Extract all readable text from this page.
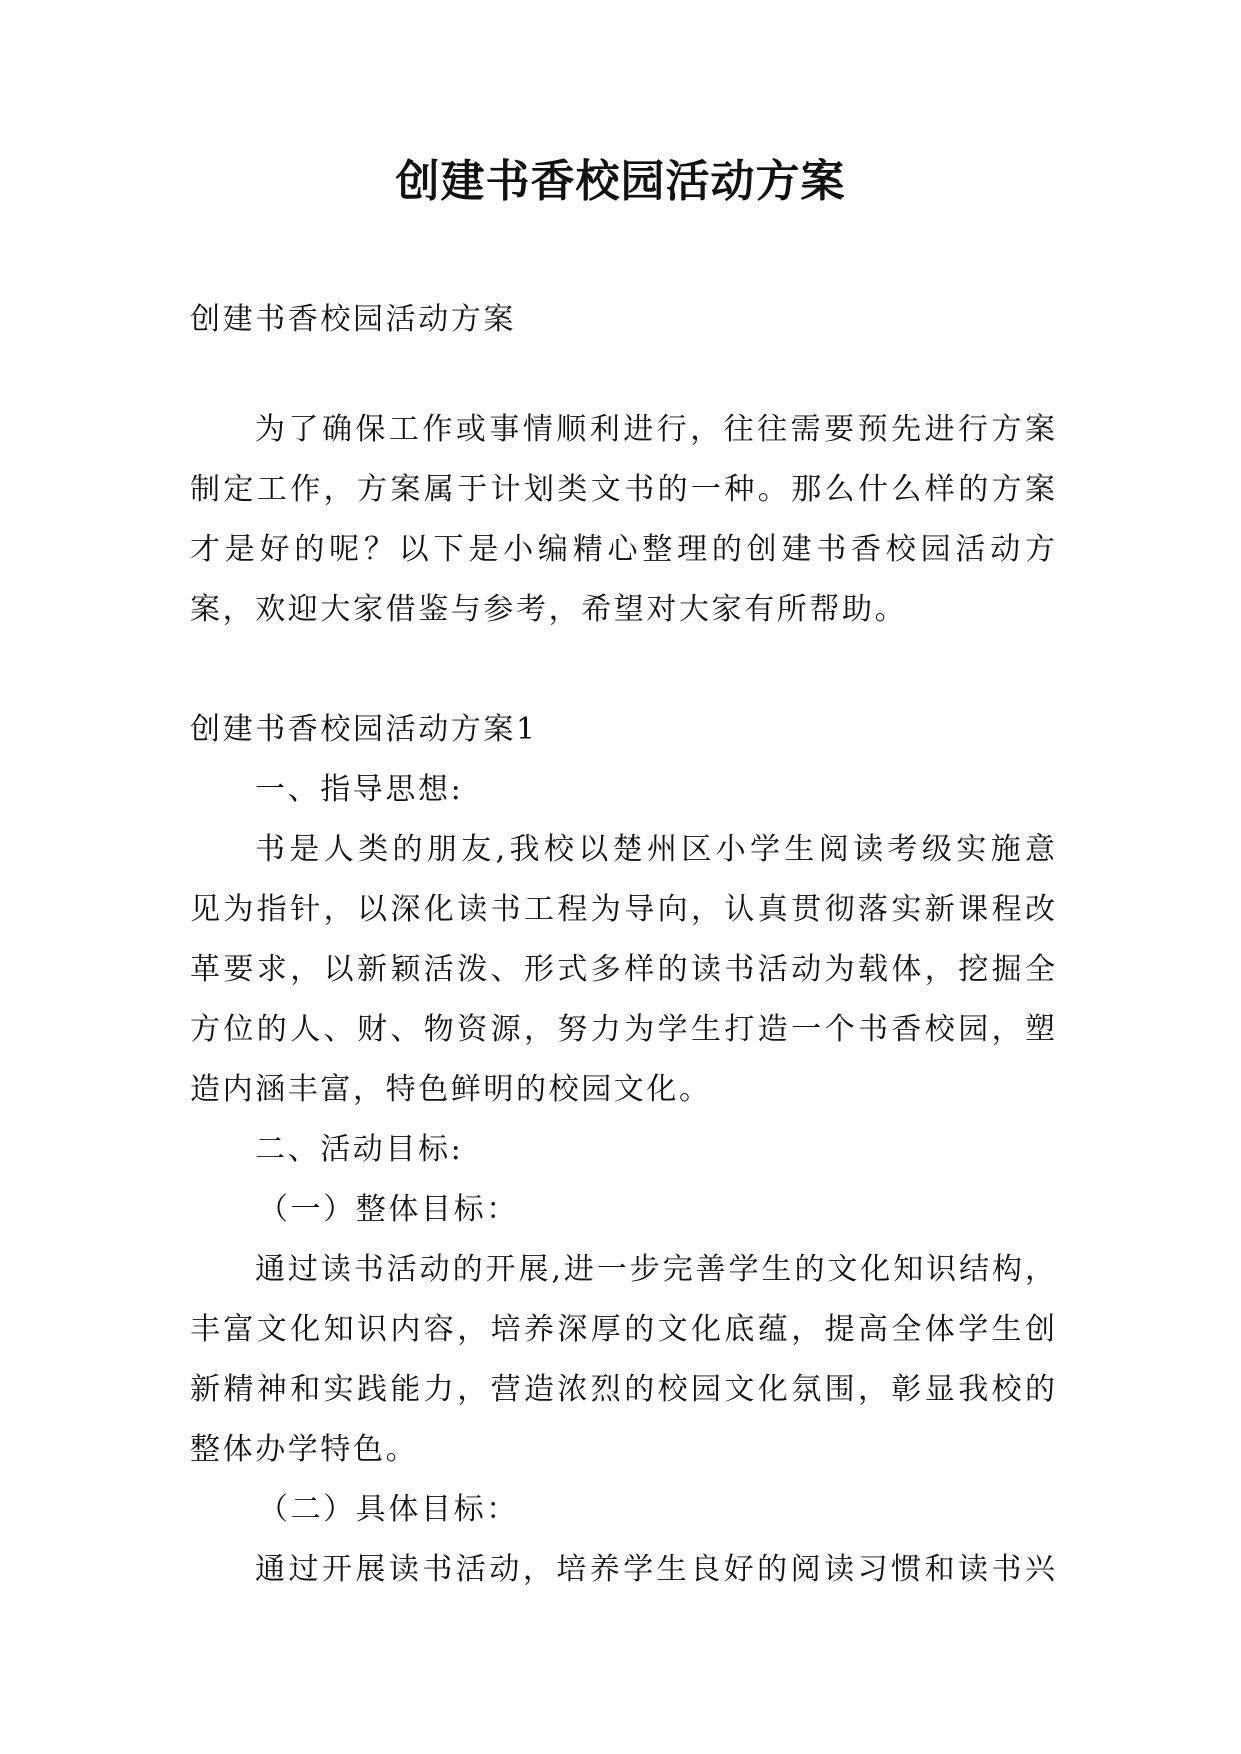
创建书香校园活动方案
创建书香校园活动方案
为了确保工作或事情顺利进行，往往需要预先进行方案
制定工作，方案属于计划类文书的一种。那么什么样的方案
才是好的呢？以下是小编精心整理的创建书香校园活动方
案，欢迎大家借鉴与参考，希望对大家有所帮助。
创建书香校园活动方案1
一、指导思想:
书是人类的朋友,我校以楚州区小学生阅读考级实施意
见为指针，以深化读书工程为导向，认真贯彻落实新课程改
革要求，以新颖活泼、形式多样的读书活动为载体，挖掘全
方位的人、财、物资源，努力为学生打造一个书香校园，塑
造内涵丰富，特色鲜明的校园文化。
二、活动目标:
（一）整体目标：
通过读书活动的开展,进一步完善学生的文化知识结构，
丰富文化知识内容，培养深厚的文化底蕴，提高全体学生创
新精神和实践能力，营造浓烈的校园文化氛围，彰显我校的
整体办学特色。
（二）具体目标：
通过开展读书活动，培养学生良好的阅读习惯和读书兴
